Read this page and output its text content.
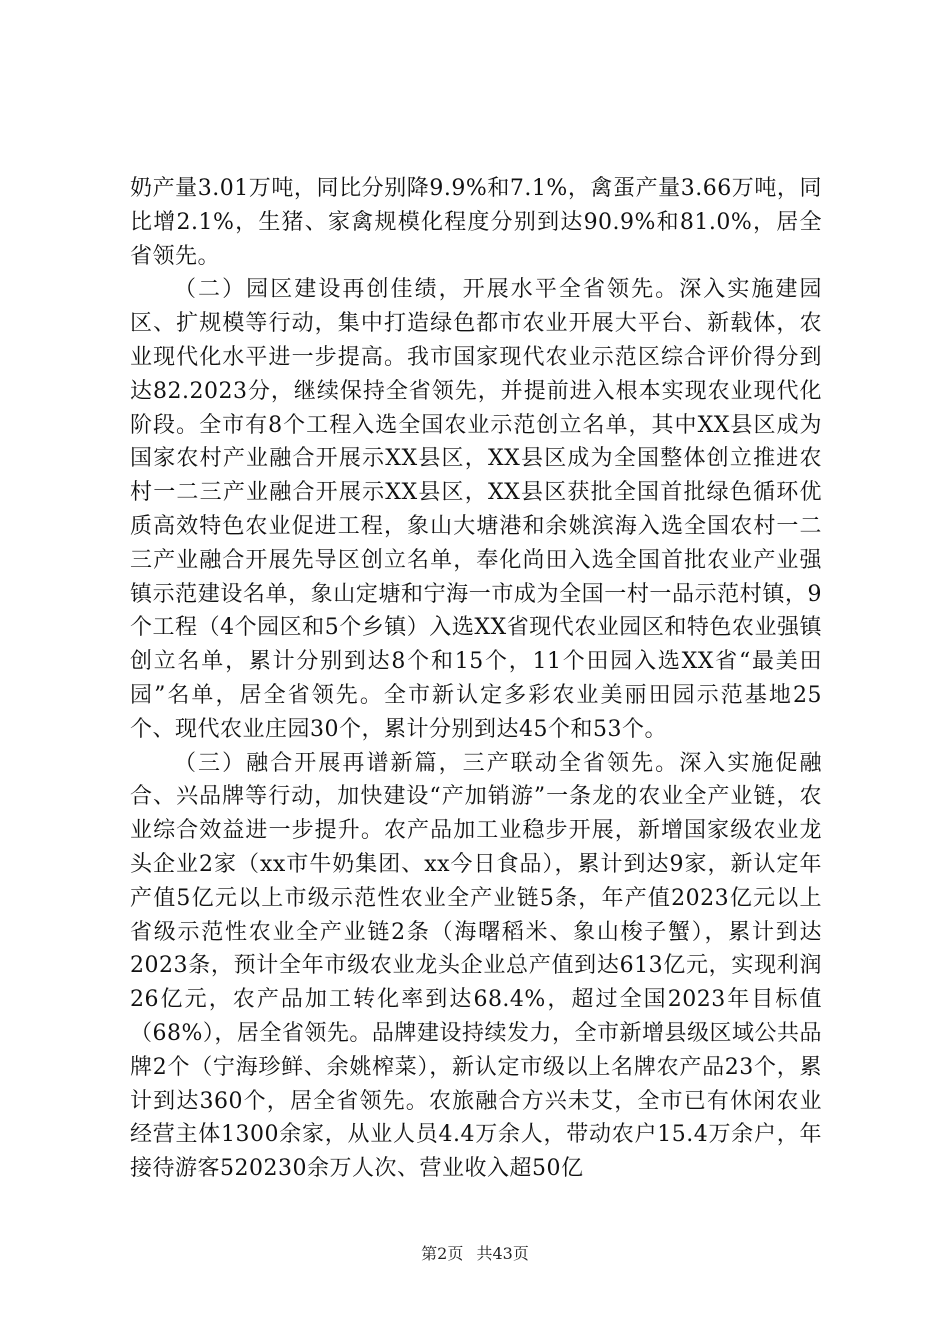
奶产量3.01万吨，同比分别降9.9%和7.1%，禽蛋产量3.66万吨，同比增2.1%，生猪、家禽规模化程度分别到达90.9%和81.0%，居全省领先。

（二）园区建设再创佳绩，开展水平全省领先。深入实施建园区、扩规模等行动，集中打造绿色都市农业开展大平台、新载体，农业现代化水平进一步提高。我市国家现代农业示范区综合评价得分到达82.2023分，继续保持全省领先，并提前进入根本实现农业现代化阶段。全市有8个工程入选全国农业示范创立名单，其中XX县区成为国家农村产业融合开展示XX县区，XX县区成为全国整体创立推进农村一二三产业融合开展示XX县区，XX县区获批全国首批绿色循环优质高效特色农业促进工程，象山大塘港和余姚滨海入选全国农村一二三产业融合开展先导区创立名单，奉化尚田入选全国首批农业产业强镇示范建设名单，象山定塘和宁海一市成为全国一村一品示范村镇，9个工程（4个园区和5个乡镇）入选XX省现代农业园区和特色农业强镇创立名单，累计分别到达8个和15个，11个田园入选XX省“最美田园”名单，居全省领先。全市新认定多彩农业美丽田园示范基地25个、现代农业庄园30个，累计分别到达45个和53个。

（三）融合开展再谱新篇，三产联动全省领先。深入实施促融合、兴品牌等行动，加快建设“产加销游”一条龙的农业全产业链，农业综合效益进一步提升。农产品加工业稳步开展，新增国家级农业龙头企业2家（xx市牛奶集团、xx今日食品），累计到达9家，新认定年产值5亿元以上市级示范性农业全产业链5条，年产值2023亿元以上省级示范性农业全产业链2条（海曙稻米、象山梭子蟹），累计到达2023条，预计全年市级农业龙头企业总产值到达613亿元，实现利润26亿元，农产品加工转化率到达68.4%，超过全国2023年目标值（68%），居全省领先。品牌建设持续发力，全市新增县级区域公共品牌2个（宁海珍鲜、余姚榨菜），新认定市级以上名牌农产品23个，累计到达360个，居全省领先。农旅融合方兴未艾，全市已有休闲农业经营主体1300余家，从业人员4.4万余人，带动农户15.4万余户，年接待游客520230余万人次、营业收入超50亿

第2页 共43页
